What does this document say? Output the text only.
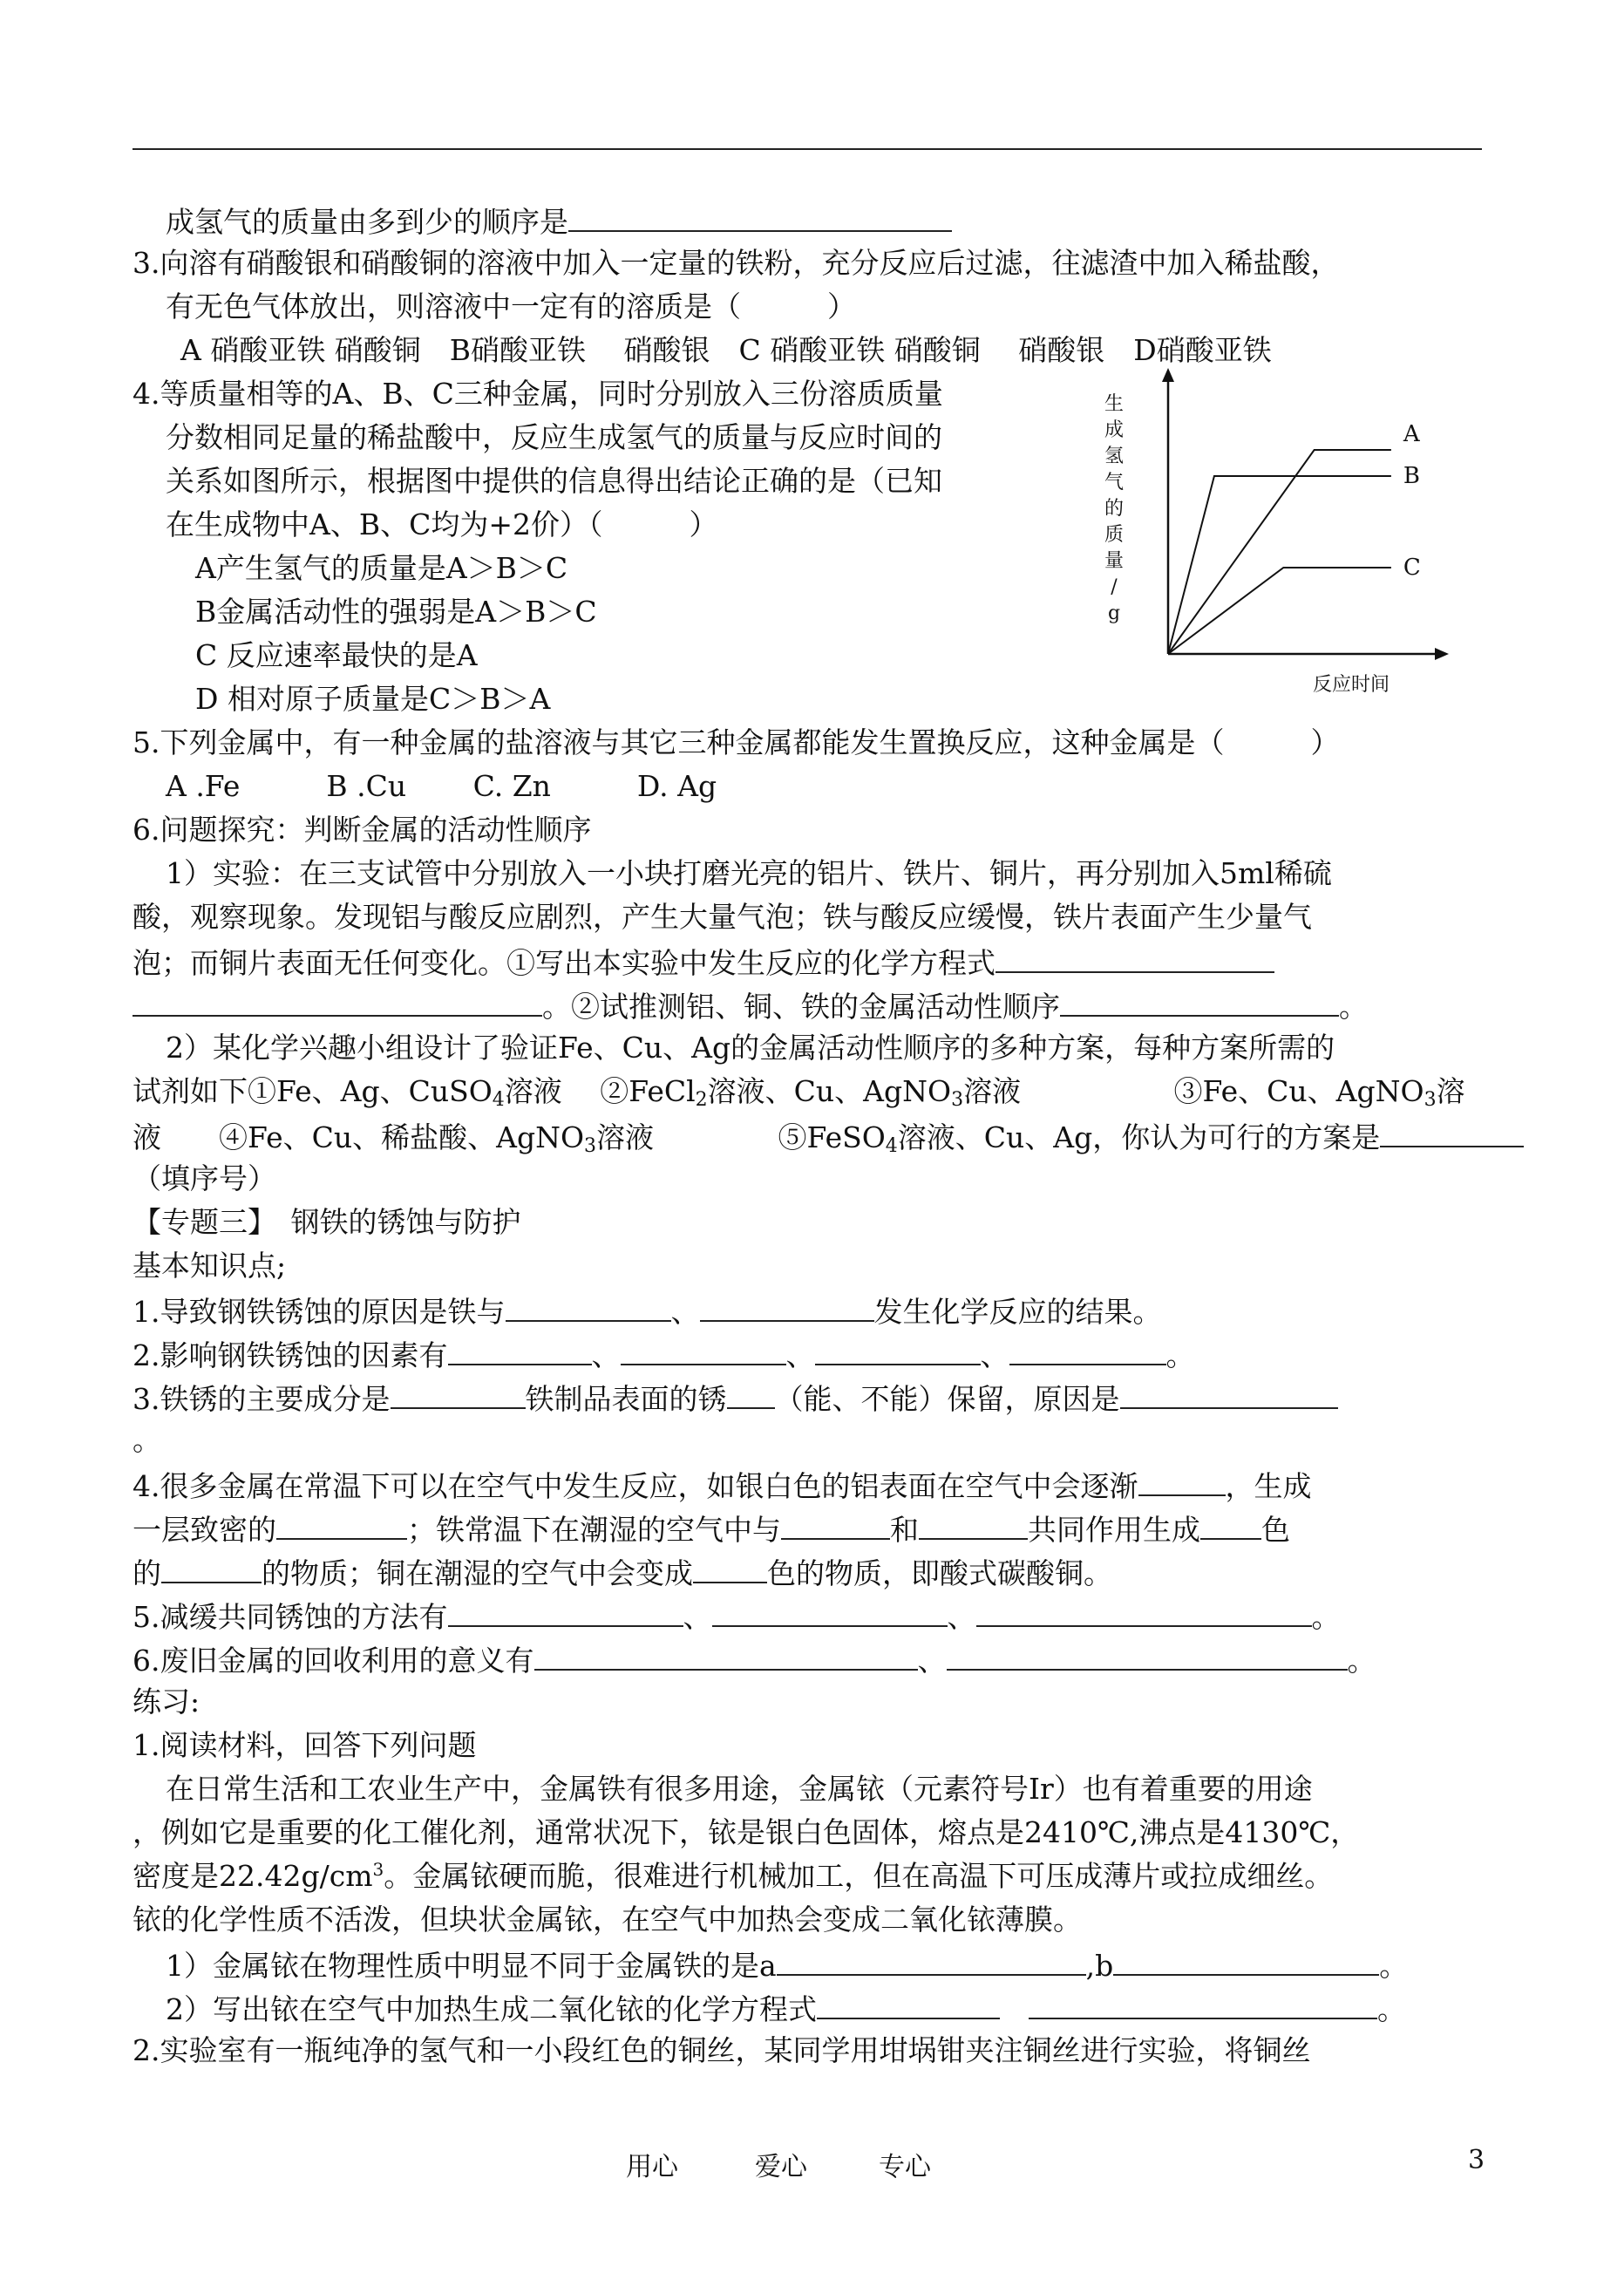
成氢气的质量由多到少的顺序是
3.向溶有硝酸银和硝酸铜的溶液中加入一定量的铁粉，充分反应后过滤，往滤渣中加入稀盐酸，
有无色气体放出，则溶液中一定有的溶质是（　　　）
A 硝酸亚铁 硝酸铜　B硝酸亚铁　 硝酸银　C 硝酸亚铁 硝酸铜　 硝酸银　D硝酸亚铁
4.等质量相等的A、B、C三种金属，同时分别放入三份溶质质量
分数相同足量的稀盐酸中，反应生成氢气的质量与反应时间的
关系如图所示，根据图中提供的信息得出结论正确的是（已知
在生成物中A、B、C均为+2价）（　　　）
A产生氢气的质量是A＞B＞C
B金属活动性的强弱是A＞B＞C
C 反应速率最快的是A
D 相对原子质量是C＞B＞A
5.下列金属中，有一种金属的盐溶液与其它三种金属都能发生置换反应，这种金属是（　　　）
A .Fe　　　B .Cu　　 C. Zn　　　D. Ag
6.问题探究：判断金属的活动性顺序
1）实验：在三支试管中分别放入一小块打磨光亮的铝片、铁片、铜片，再分别加入5ml稀硫
酸，观察现象。发现铝与酸反应剧烈，产生大量气泡；铁与酸反应缓慢，铁片表面产生少量气
泡；而铜片表面无任何变化。①写出本实验中发生反应的化学方程式
。②试推测铝、铜、铁的金属活动性顺序	。
2）某化学兴趣小组设计了验证Fe、Cu、Ag的金属活动性顺序的多种方案，每种方案所需的
试剂如下①Fe、Ag、CuSO$_4$溶液　 ②FeCl$_2$溶液、Cu、AgNO$_3$溶液　　　　　 ③Fe、Cu、AgNO$_3$溶
液　　④Fe、Cu、稀盐酸、AgNO$_3$溶液　　　　 ⑤FeSO$_4$溶液、Cu、Ag，你认为可行的方案是
（填序号）
【专题三】　钢铁的锈蚀与防护
基本知识点;
1.导致钢铁锈蚀的原因是铁与	、	发生化学反应的结果。
2.影响钢铁锈蚀的因素有	、	、	、	。
3.铁锈的主要成分是	铁制品表面的锈 （能、不能）保留，原因是
。
4.很多金属在常温下可以在空气中发生反应，如银白色的铝表面在空气中会逐渐	，生成
一层致密的	；铁常温下在潮湿的空气中与	和	共同作用生成 色
的	的物质；铜在潮湿的空气中会变成	色的物质，即酸式碳酸铜。
5.减缓共同锈蚀的方法有	、	、	。
6.废旧金属的回收利用的意义有	、	。
练习:
1.阅读材料，回答下列问题
在日常生活和工农业生产中，金属铁有很多用途，金属铱（元素符号Ir）也有着重要的用途
，例如它是重要的化工催化剂，通常状况下，铱是银白色固体，熔点是2410℃,沸点是4130℃，
密度是$22.42g/cm^3$。金属铱硬而脆，很难进行机械加工，但在高温下可压成薄片或拉成细丝。
铱的化学性质不活泼，但块状金属铱，在空气中加热会变成二氧化铱薄膜。
1）金属铱在物理性质中明显不同于金属铁的是a	,b	。
2）写出铱在空气中加热生成二氧化铱的化学方程式　	。
2.实验室有一瓶纯净的氢气和一小段红色的铜丝，某同学用坩埚钳夹注铜丝进行实验，将铜丝
生成氢气的质量/ g
反应时间
A
B
C
用心	爱心	专心	3
